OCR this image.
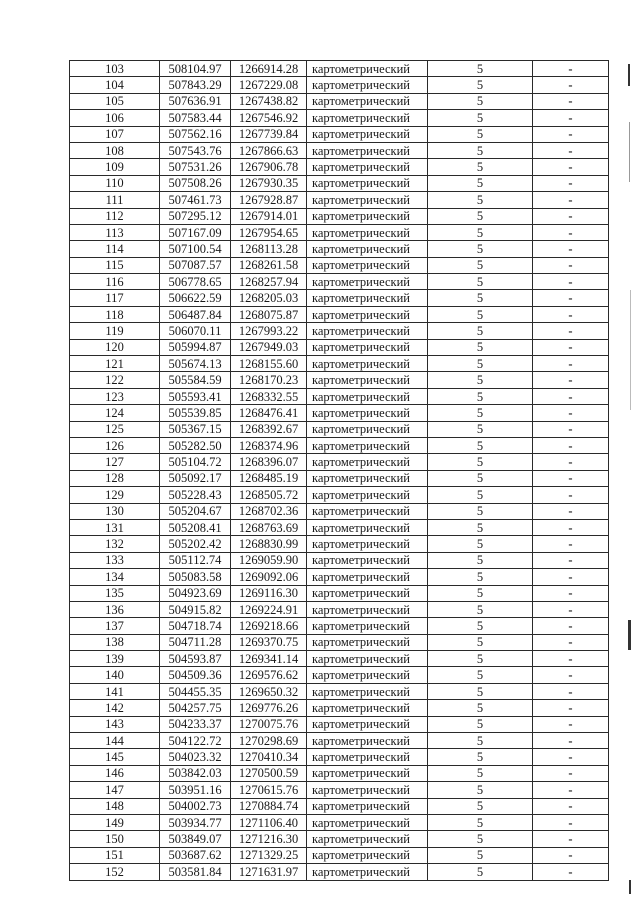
103	508104.97	1266914.28	картометрический	5	-
104	507843.29	1267229.08	картометрический	5	-
105	507636.91	1267438.82	картометрический	5	-
106	507583.44	1267546.92	картометрический	5	-
107	507562.16	1267739.84	картометрический	5	-
108	507543.76	1267866.63	картометрический	5	-
109	507531.26	1267906.78	картометрический	5	-
110	507508.26	1267930.35	картометрический	5	-
111	507461.73	1267928.87	картометрический	5	-
112	507295.12	1267914.01	картометрический	5	-
113	507167.09	1267954.65	картометрический	5	-
114	507100.54	1268113.28	картометрический	5	-
115	507087.57	1268261.58	картометрический	5	-
116	506778.65	1268257.94	картометрический	5	-
117	506622.59	1268205.03	картометрический	5	-
118	506487.84	1268075.87	картометрический	5	-
119	506070.11	1267993.22	картометрический	5	-
120	505994.87	1267949.03	картометрический	5	-
121	505674.13	1268155.60	картометрический	5	-
122	505584.59	1268170.23	картометрический	5	-
123	505593.41	1268332.55	картометрический	5	-
124	505539.85	1268476.41	картометрический	5	-
125	505367.15	1268392.67	картометрический	5	-
126	505282.50	1268374.96	картометрический	5	-
127	505104.72	1268396.07	картометрический	5	-
128	505092.17	1268485.19	картометрический	5	-
129	505228.43	1268505.72	картометрический	5	-
130	505204.67	1268702.36	картометрический	5	-
131	505208.41	1268763.69	картометрический	5	-
132	505202.42	1268830.99	картометрический	5	-
133	505112.74	1269059.90	картометрический	5	-
134	505083.58	1269092.06	картометрический	5	-
135	504923.69	1269116.30	картометрический	5	-
136	504915.82	1269224.91	картометрический	5	-
137	504718.74	1269218.66	картометрический	5	-
138	504711.28	1269370.75	картометрический	5	-
139	504593.87	1269341.14	картометрический	5	-
140	504509.36	1269576.62	картометрический	5	-
141	504455.35	1269650.32	картометрический	5	-
142	504257.75	1269776.26	картометрический	5	-
143	504233.37	1270075.76	картометрический	5	-
144	504122.72	1270298.69	картометрический	5	-
145	504023.32	1270410.34	картометрический	5	-
146	503842.03	1270500.59	картометрический	5	-
147	503951.16	1270615.76	картометрический	5	-
148	504002.73	1270884.74	картометрический	5	-
149	503934.77	1271106.40	картометрический	5	-
150	503849.07	1271216.30	картометрический	5	-
151	503687.62	1271329.25	картометрический	5	-
152	503581.84	1271631.97	картометрический	5	-
